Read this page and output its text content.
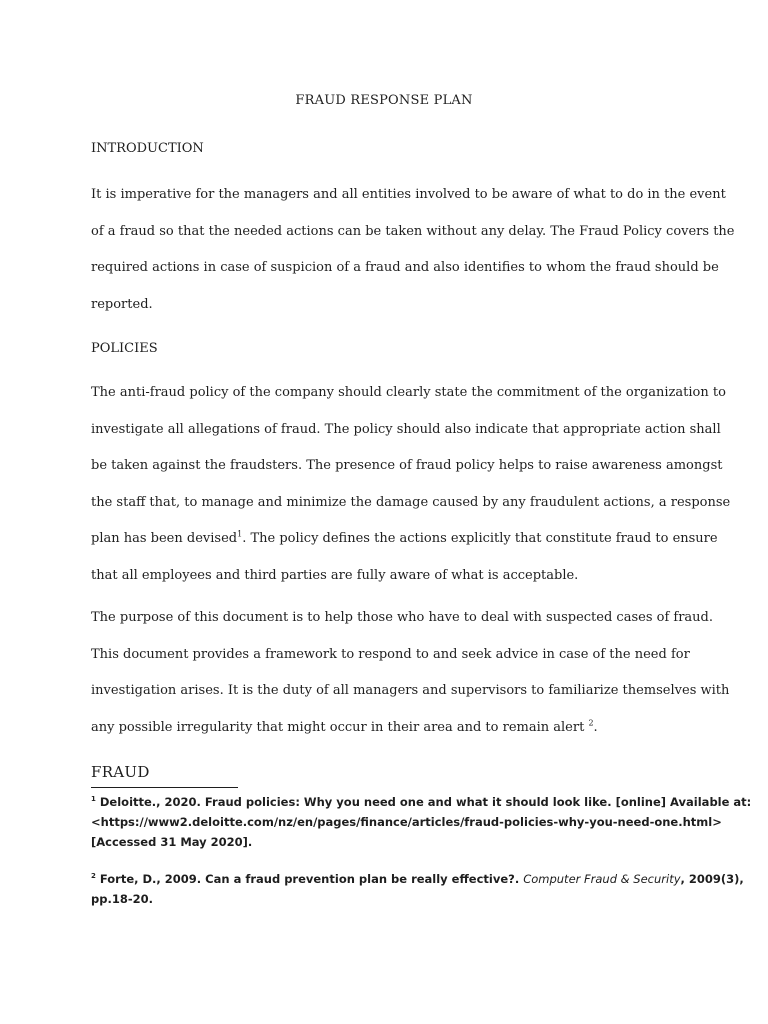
FRAUD RESPONSE PLAN
INTRODUCTION

It is imperative for the managers and all entities involved to be aware of what to do in the event
of a fraud so that the needed actions can be taken without any delay. The Fraud Policy covers the
required actions in case of suspicion of a fraud and also identifies to whom the fraud should be
reported.

POLICIES

The anti-fraud policy of the company should clearly state the commitment of the organization to
investigate all allegations of fraud. The policy should also indicate that appropriate action shall
be taken against the fraudsters. The presence of fraud policy helps to raise awareness amongst
the staff that, to manage and minimize the damage caused by any fraudulent actions, a response
plan has been devised$^1$. The policy defines the actions explicitly that constitute fraud to ensure
that all employees and third parties are fully aware of what is acceptable.

The purpose of this document is to help those who have to deal with suspected cases of fraud.
This document provides a framework to respond to and seek advice in case of the need for
investigation arises. It is the duty of all managers and supervisors to familiarize themselves with
any possible irregularity that might occur in their area and to remain alert $^2$.

FRAUD

$^1$ Deloitte., 2020. Fraud policies: Why you need one and what it should look like. [online] Available at:
<https://www2.deloitte.com/nz/en/pages/finance/articles/fraud-policies-why-you-need-one.html>
[Accessed 31 May 2020].

$^2$ Forte, D., 2009. Can a fraud prevention plan be really effective?. Computer Fraud & Security, 2009(3),
pp.18-20.
